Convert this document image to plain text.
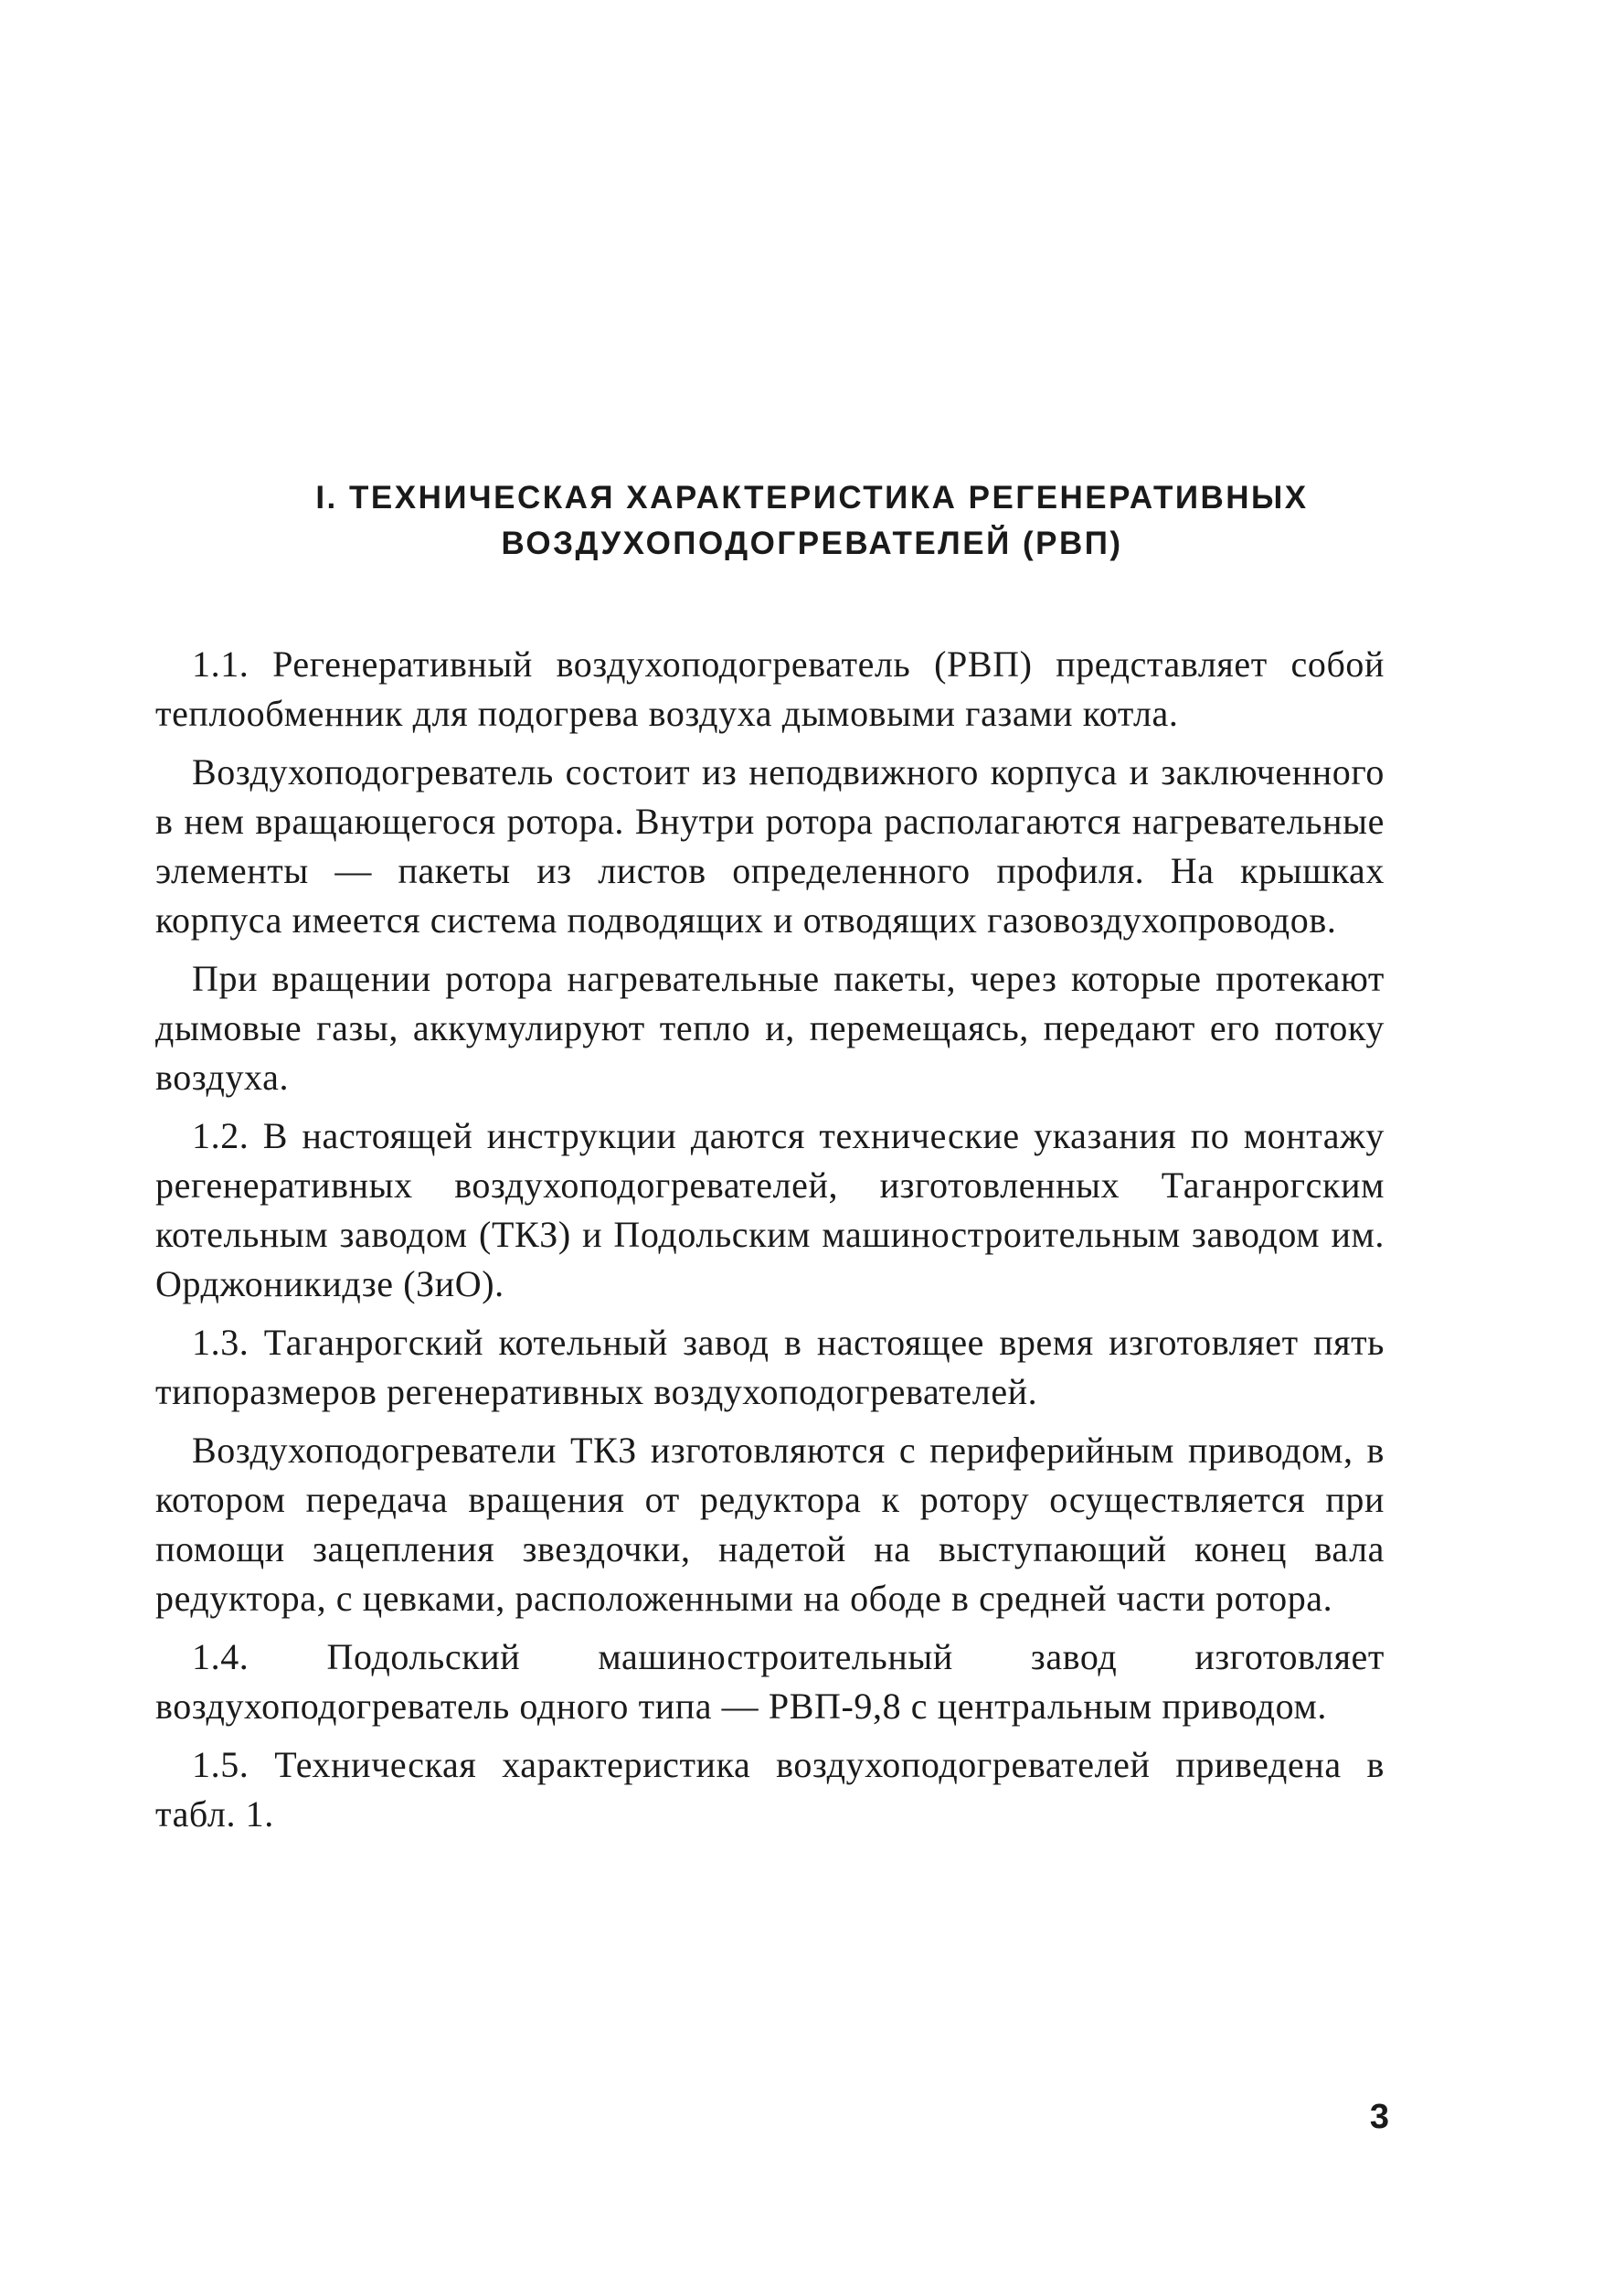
I. ТЕХНИЧЕСКАЯ ХАРАКТЕРИСТИКА РЕГЕНЕРАТИВНЫХ
ВОЗДУХОПОДОГРЕВАТЕЛЕЙ (РВП)

1.1. Регенеративный воздухоподогреватель (РВП) представляет собой теплообменник для подогрева воздуха дымовыми газами котла.

Воздухоподогреватель состоит из неподвижного корпуса и заключенного в нем вращающегося ротора. Внутри ротора располагаются нагревательные элементы — пакеты из листов определенного профиля. На крышках корпуса имеется система подводящих и отводящих газовоздухопроводов.

При вращении ротора нагревательные пакеты, через которые протекают дымовые газы, аккумулируют тепло и, перемещаясь, передают его потоку воздуха.

1.2. В настоящей инструкции даются технические указания по монтажу регенеративных воздухоподогревателей, изготовленных Таганрогским котельным заводом (ТКЗ) и Подольским машиностроительным заводом им. Орджоникидзе (ЗиО).

1.3. Таганрогский котельный завод в настоящее время изготовляет пять типоразмеров регенеративных воздухоподогревателей.

Воздухоподогреватели ТКЗ изготовляются с периферийным приводом, в котором передача вращения от редуктора к ротору осуществляется при помощи зацепления звездочки, надетой на выступающий конец вала редуктора, с цевками, расположенными на ободе в средней части ротора.

1.4. Подольский машиностроительный завод изготовляет воздухоподогреватель одного типа — РВП-9,8 с центральным приводом.

1.5. Техническая характеристика воздухоподогревателей приведена в табл. 1.

3
